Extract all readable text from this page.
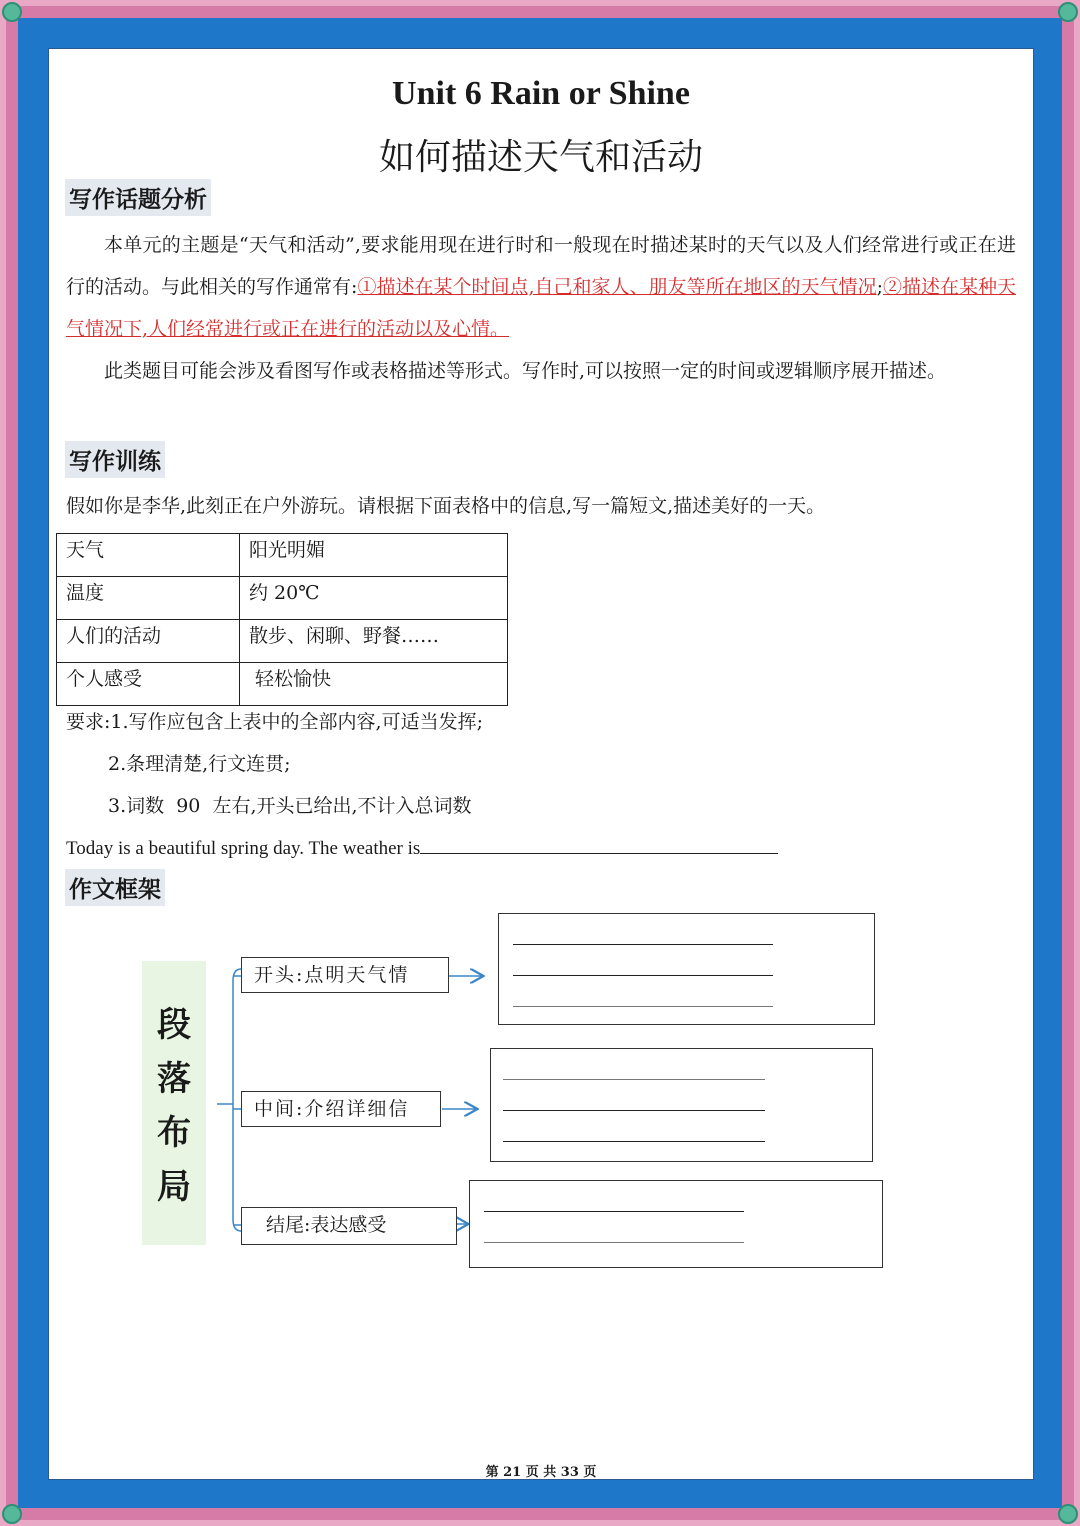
Unit 6 Rain or Shine
如何描述天气和活动
写作话题分析
本单元的主题是“天气和活动”,要求能用现在进行时和一般现在时描述某时的天气以及人们经常进行或正在进行的活动。与此相关的写作通常有:①描述在某个时间点,自己和家人、朋友等所在地区的天气情况;②描述在某种天气情况下,人们经常进行或正在进行的活动以及心情。
此类题目可能会涉及看图写作或表格描述等形式。写作时,可以按照一定的时间或逻辑顺序展开描述。
写作训练
假如你是李华,此刻正在户外游玩。请根据下面表格中的信息,写一篇短文,描述美好的一天。
天气	阳光明媚
温度	约 20℃
人们的活动	散步、闲聊、野餐……
个人感受	轻松愉快
要求:1.写作应包含上表中的全部内容,可适当发挥;
2.条理清楚,行文连贯;
3.词数  90  左右,开头已给出,不计入总词数
Today is a beautiful spring day. The weather is
作文框架
段
落
布
局
开头:点明天气情
中间:介绍详细信
结尾:表达感受
第 21 页 共 33 页
